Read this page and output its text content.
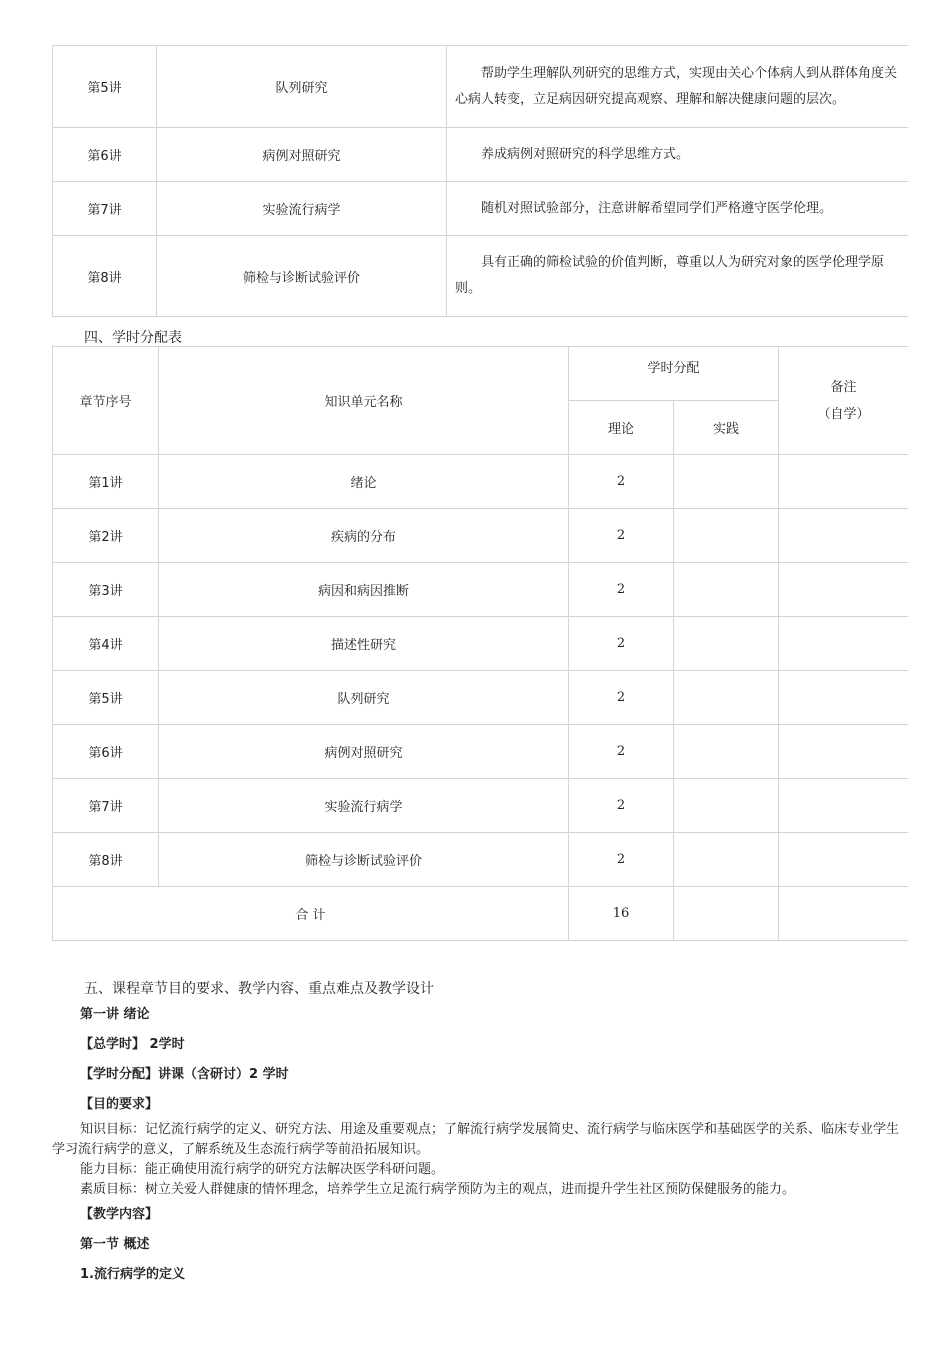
第5讲	队列研究	帮助学生理解队列研究的思维方式，实现由关心个体病人到从群体角度关心病人转变，立足病因研究提高观察、理解和解决健康问题的层次。

第6讲	病例对照研究	养成病例对照研究的科学思维方式。

第7讲	实验流行病学	随机对照试验部分，注意讲解希望同学们严格遵守医学伦理。

第8讲	筛检与诊断试验评价	具有正确的筛检试验的价值判断，尊重以人为研究对象的医学伦理学原则。
四、学时分配表
章节序号	知识单元名称	学时分配		备注
（自学）

		理论	实践	
第1讲	绪论	2		
第2讲	疾病的分布	2		
第3讲	病因和病因推断	2		
第4讲	描述性研究	2		
第5讲	队列研究	2		
第6讲	病例对照研究	2		
第7讲	实验流行病学	2		
第8讲	筛检与诊断试验评价	2		
合 计		16		

五、课程章节目的要求、教学内容、重点难点及教学设计

第一讲 绪论

【总学时】 2学时

【学时分配】讲课（含研讨）2 学时

【目的要求】

知识目标：记忆流行病学的定义、研究方法、用途及重要观点；了解流行病学发展简史、流行病学与临床医学和基础医学的关系、临床专业学生学习流行病学的意义，了解系统及生态流行病学等前沿拓展知识。

能力目标：能正确使用流行病学的研究方法解决医学科研问题。

素质目标：树立关爱人群健康的情怀理念，培养学生立足流行病学预防为主的观点，进而提升学生社区预防保健服务的能力。

【教学内容】

第一节 概述

1.流行病学的定义
